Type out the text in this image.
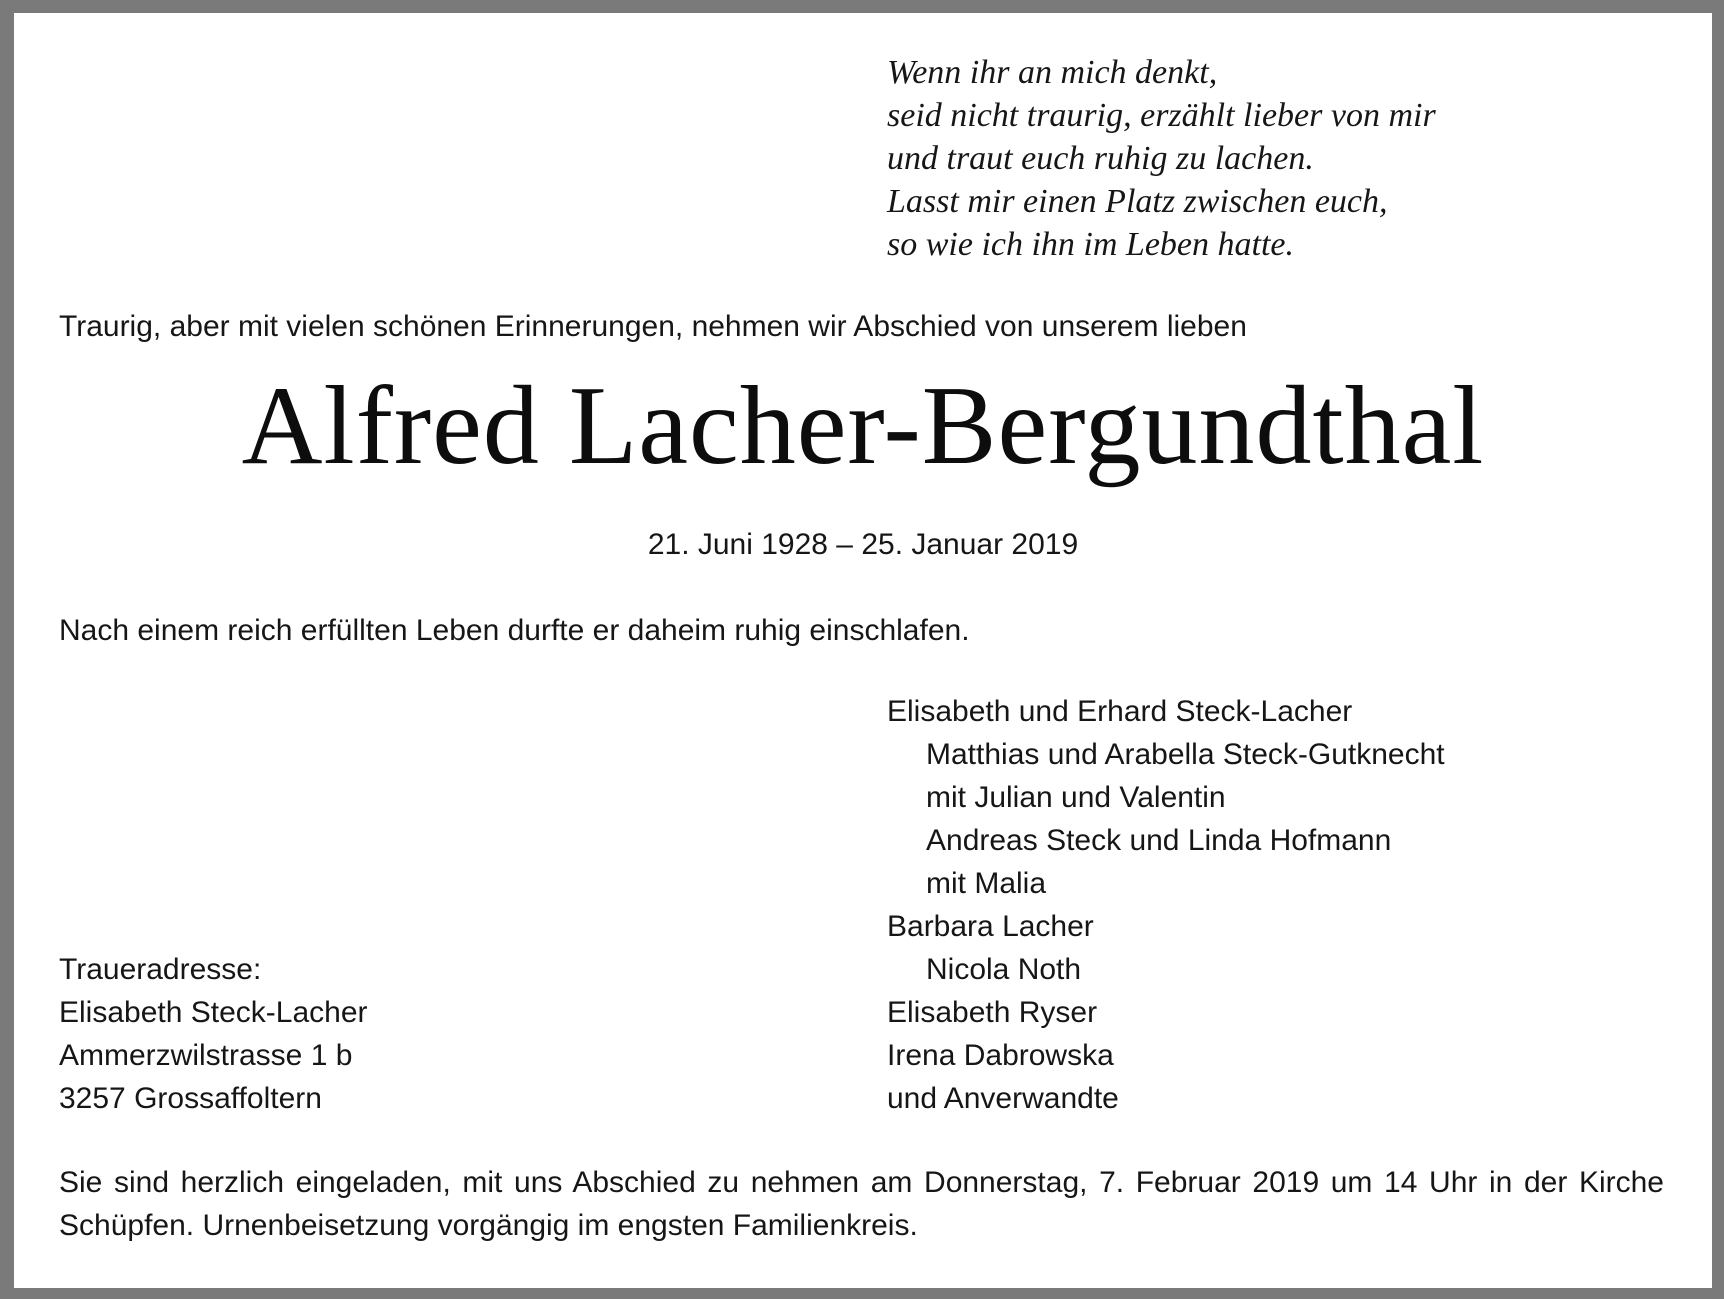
Wenn ihr an mich denkt,
seid nicht traurig, erzählt lieber von mir
und traut euch ruhig zu lachen.
Lasst mir einen Platz zwischen euch,
so wie ich ihn im Leben hatte.

Traurig, aber mit vielen schönen Erinnerungen, nehmen wir Abschied von unserem lieben

Alfred Lacher-Bergundthal

21. Juni 1928 – 25. Januar 2019

Nach einem reich erfüllten Leben durfte er daheim ruhig einschlafen.

Elisabeth und Erhard Steck-Lacher
Matthias und Arabella Steck-Gutknecht
mit Julian und Valentin
Andreas Steck und Linda Hofmann
mit Malia
Barbara Lacher
Nicola Noth
Elisabeth Ryser
Irena Dabrowska
und Anverwandte
Traueradresse:
Elisabeth Steck-Lacher
Ammerzwilstrasse 1 b
3257 Grossaffoltern

Sie sind herzlich eingeladen, mit uns Abschied zu nehmen am Donnerstag, 7. Februar 2019 um 14 Uhr in der Kirche Schüpfen. Urnenbeisetzung vorgängig im engsten Familienkreis.
